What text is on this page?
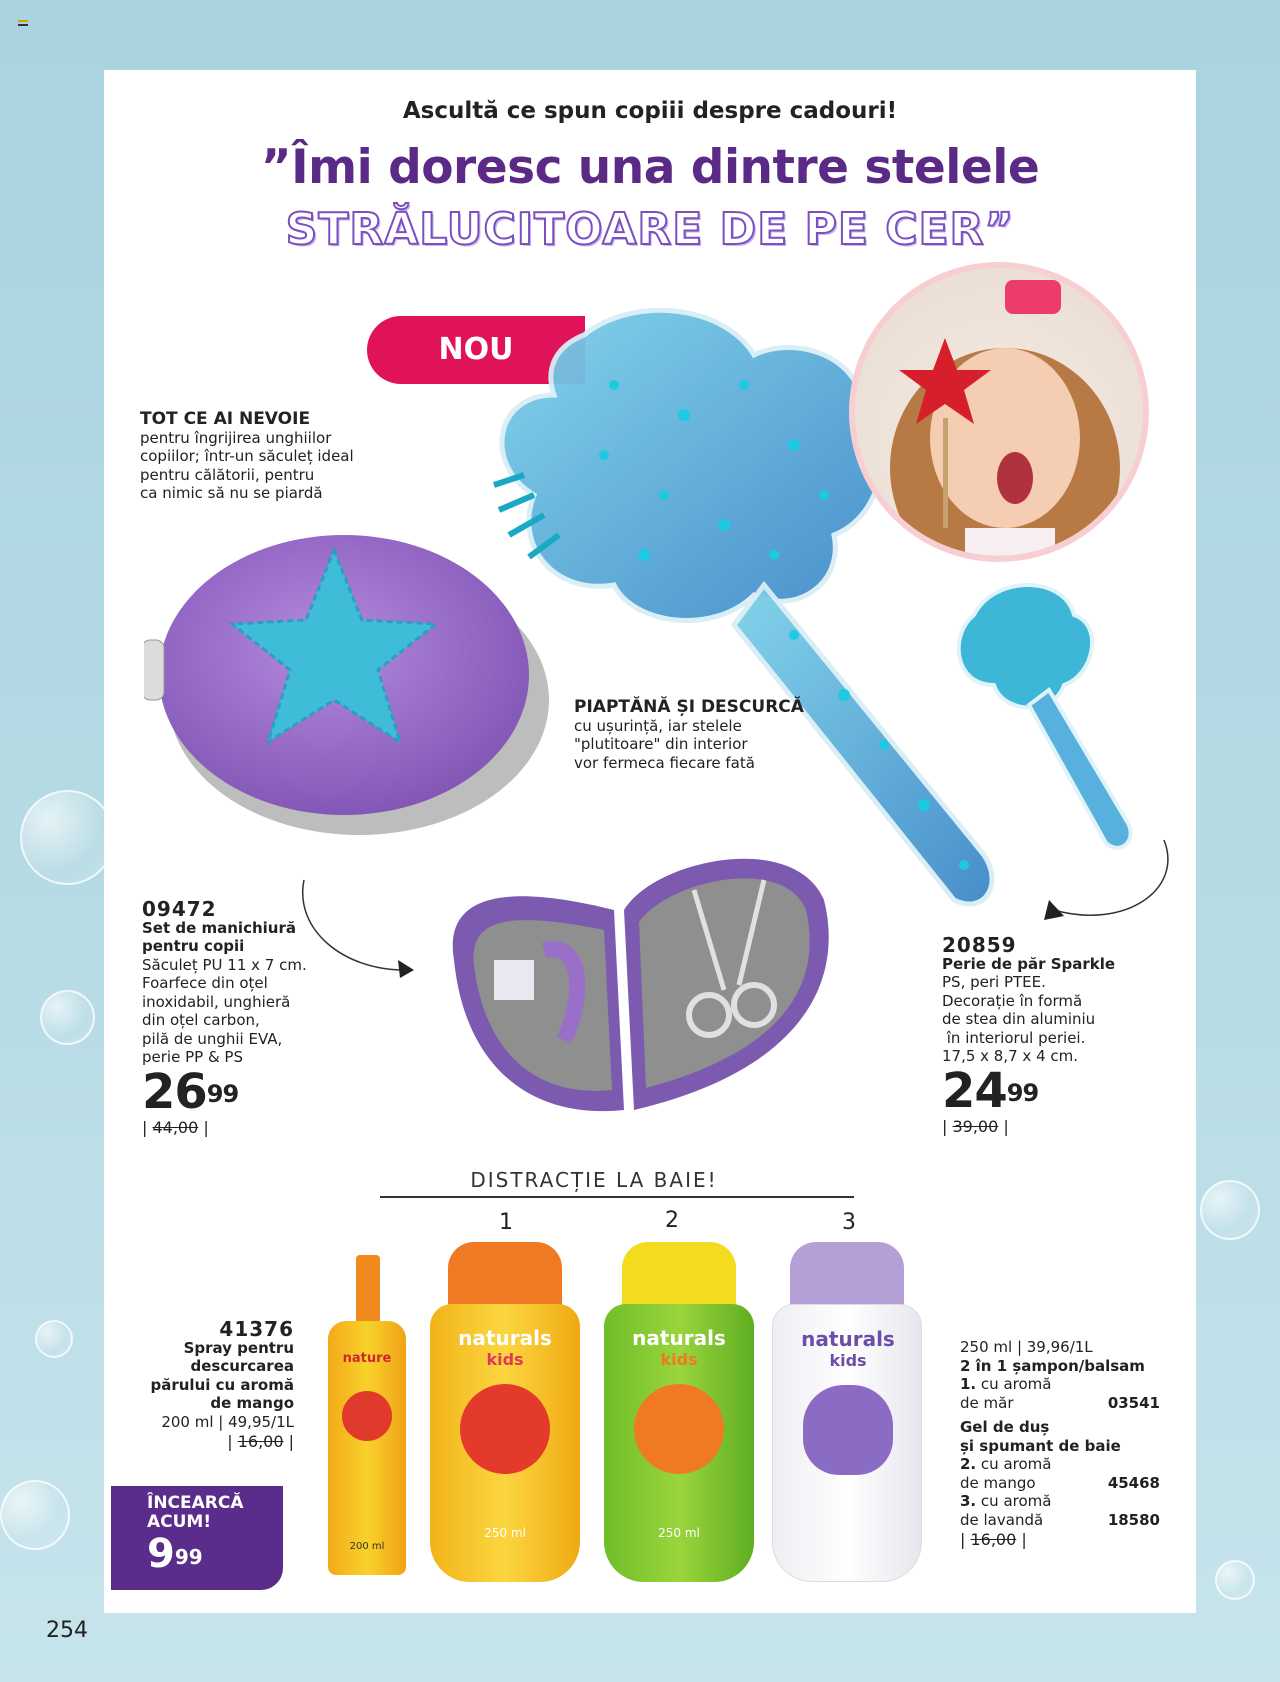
Ascultă ce spun copiii despre cadouri!
”Îmi doresc una dintre stelele
STRĂLUCITOARE DE PE CER”
NOU
TOT CE AI NEVOIE
pentru îngrijirea unghiilor
copiilor; într-un săculeț ideal
pentru călătorii, pentru
ca nimic să nu se piardă
PIAPTĂNĂ ȘI DESCURCĂ
cu ușurință, iar stelele
"plutitoare" din interior
vor fermeca fiecare fată
09472
Set de manichiură
pentru copii
Săculeț PU 11 x 7 cm.
Foarfece din oțel
inoxidabil, unghieră
din oțel carbon,
pilă de unghii EVA,
perie PP & PS
$26^{99}$
| 44,00 |
20859
Perie de păr Sparkle
PS, peri PTEE.
Decorație în formă
de stea din aluminiu
în interiorul periei.
17,5 x 8,7 x 4 cm.
$24^{99}$
| 39,00 |
DISTRACȚIE LA BAIE!
1	2	3
nature
200 ml
naturals
kids
250 ml
naturals
kids
250 ml
naturals
kids
41376
Spray pentru
descurcarea
părului cu aromă
de mango
200 ml | 49,95/1L
| 16,00 |
ÎNCEARCĂ
ACUM!
$9^{99}$
250 ml | 39,96/1L
2 în 1 șampon/balsam
1. cu aromă
de măr	03541
Gel de duș
și spumant de baie
2. cu aromă
de mango	45468
3. cu aromă
de lavandă	18580
| 16,00 |
254
